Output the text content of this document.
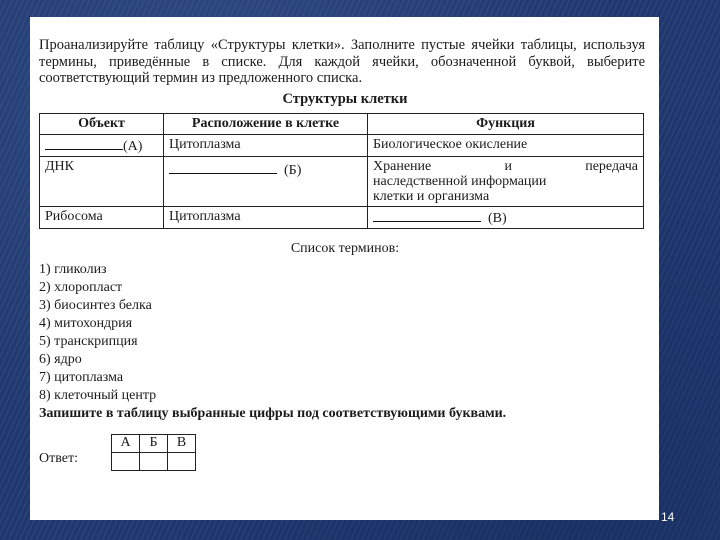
Проанализируйте таблицу «Структуры клетки». Заполните пустые ячейки таблицы, используя термины, приведённые в списке. Для каждой ячейки, обозначенной буквой, выберите соответствующий термин из предложенного списка.

Структуры клетки
Объект	Расположение в клетке	Функция
(А)	Цитоплазма	Биологическое окисление
ДНК	(Б)	Хранение и передача
наследственной информации
клетки и организма

Рибосома	Цитоплазма	(В)
Список терминов:
1) гликолиз
2) хлоропласт
3) биосинтез белка
4) митохондрия
5) транскрипция
6) ядро
7) цитоплазма
8) клеточный центр

Запишите в таблицу выбранные цифры под соответствующими буквами.

Ответ:
А	Б	В

14
